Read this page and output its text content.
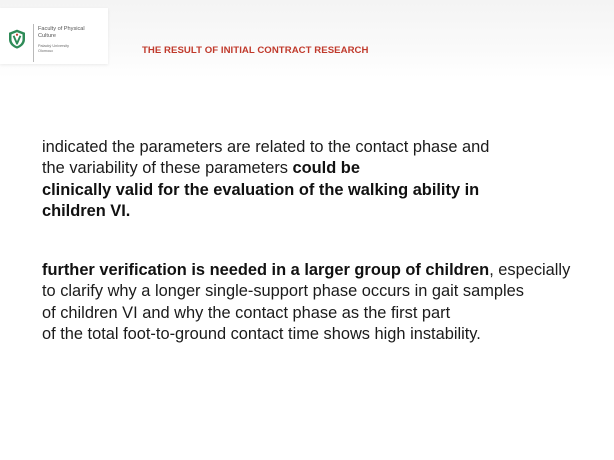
Faculty of Physical
Culture
Palacký University
Olomouc	THE RESULT OF INITIAL CONTRACT RESEARCH
indicated the parameters are related to the contact phase and
the variability of these parameters could be
clinically valid for the evaluation of the walking ability in
children VI.
further verification is needed in a larger group of children, especially
to clarify why a longer single-support phase occurs in gait samples
of children VI and why the contact phase as the first part
of the total foot-to-ground contact time shows high instability.
